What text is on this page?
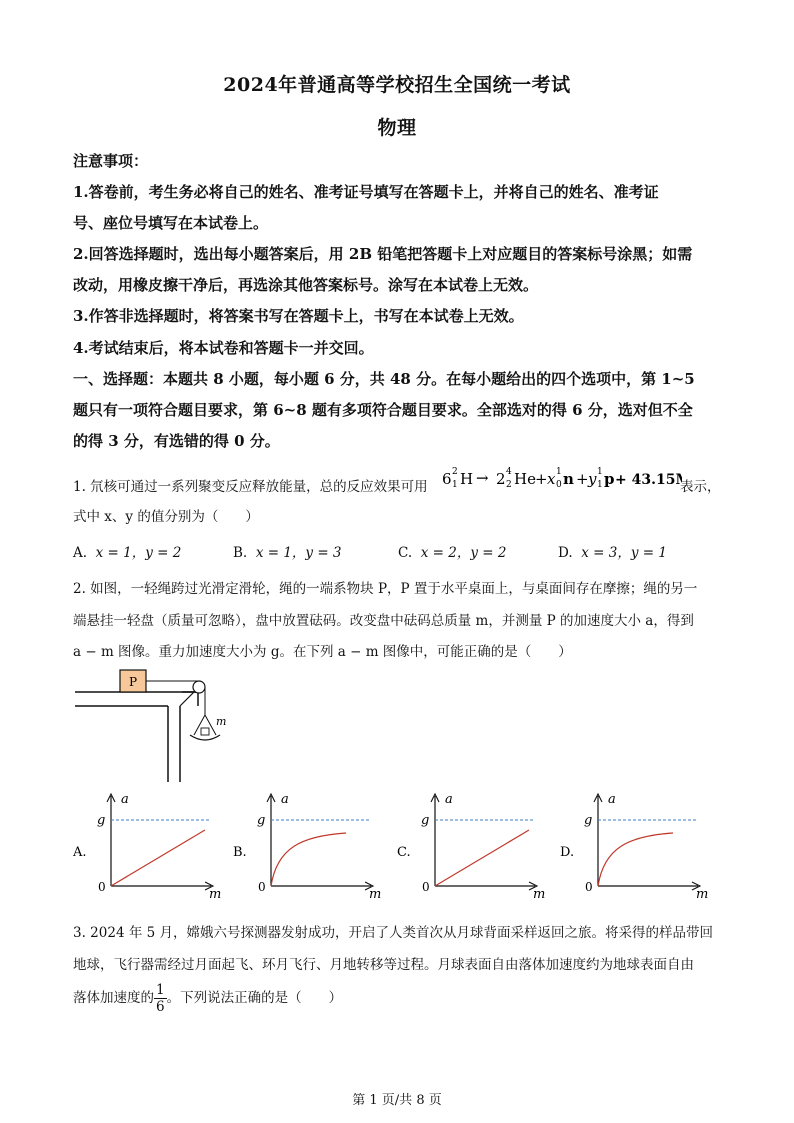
2024年普通高等学校招生全国统一考试
物理
注意事项：
1.答卷前，考生务必将自己的姓名、准考证号填写在答题卡上，并将自己的姓名、准考证
号、座位号填写在本试卷上。
2.回答选择题时，选出每小题答案后，用 2B 铅笔把答题卡上对应题目的答案标号涂黑；如需
改动，用橡皮擦干净后，再选涂其他答案标号。涂写在本试卷上无效。
3.作答非选择题时，将答案书写在答题卡上，书写在本试卷上无效。
4.考试结束后，将本试卷和答题卡一并交回。
一、选择题：本题共 8 小题，每小题 6 分，共 48 分。在每小题给出的四个选项中，第 1~5
题只有一项符合题目要求，第 6~8 题有多项符合题目要求。全部选对的得 6 分，选对但不全
的得 3 分，有选错的得 0 分。
1. 氘核可通过一系列聚变反应释放能量，总的反应效果可用 6 2
1 H → 2 4
2 He + x 1
0 n + y 1
1 p + 43.15 表示，
式中 x、y 的值分别为（　　）
A. x = 1，y = 2	B. x = 1，y = 3	C. x = 2，y = 2	D. x = 3，y = 1
2. 如图，一轻绳跨过光滑定滑轮，绳的一端系物块 P，P 置于水平桌面上，与桌面间存在摩擦；绳的另一
端悬挂一轻盘（质量可忽略），盘中放置砝码。改变盘中砝码总质量 m，并测量 P 的加速度大小 a，得到
a − m 图像。重力加速度大小为 g。在下列 a − m 图像中，可能正确的是（　　）
P
m
A.
a
m
g
0
B.
a
m
g
0
C.
a
m
g
0
D.
a
m
g
0
3. 2024 年 5 月，嫦娥六号探测器发射成功，开启了人类首次从月球背面采样返回之旅。将采得的样品带回
地球，飞行器需经过月面起飞、环月飞行、月地转移等过程。月球表面自由落体加速度约为地球表面自由
落体加速度的 $\frac{1}{6}$ 。下列说法正确的是（　　）
第 1 页/共 8 页
